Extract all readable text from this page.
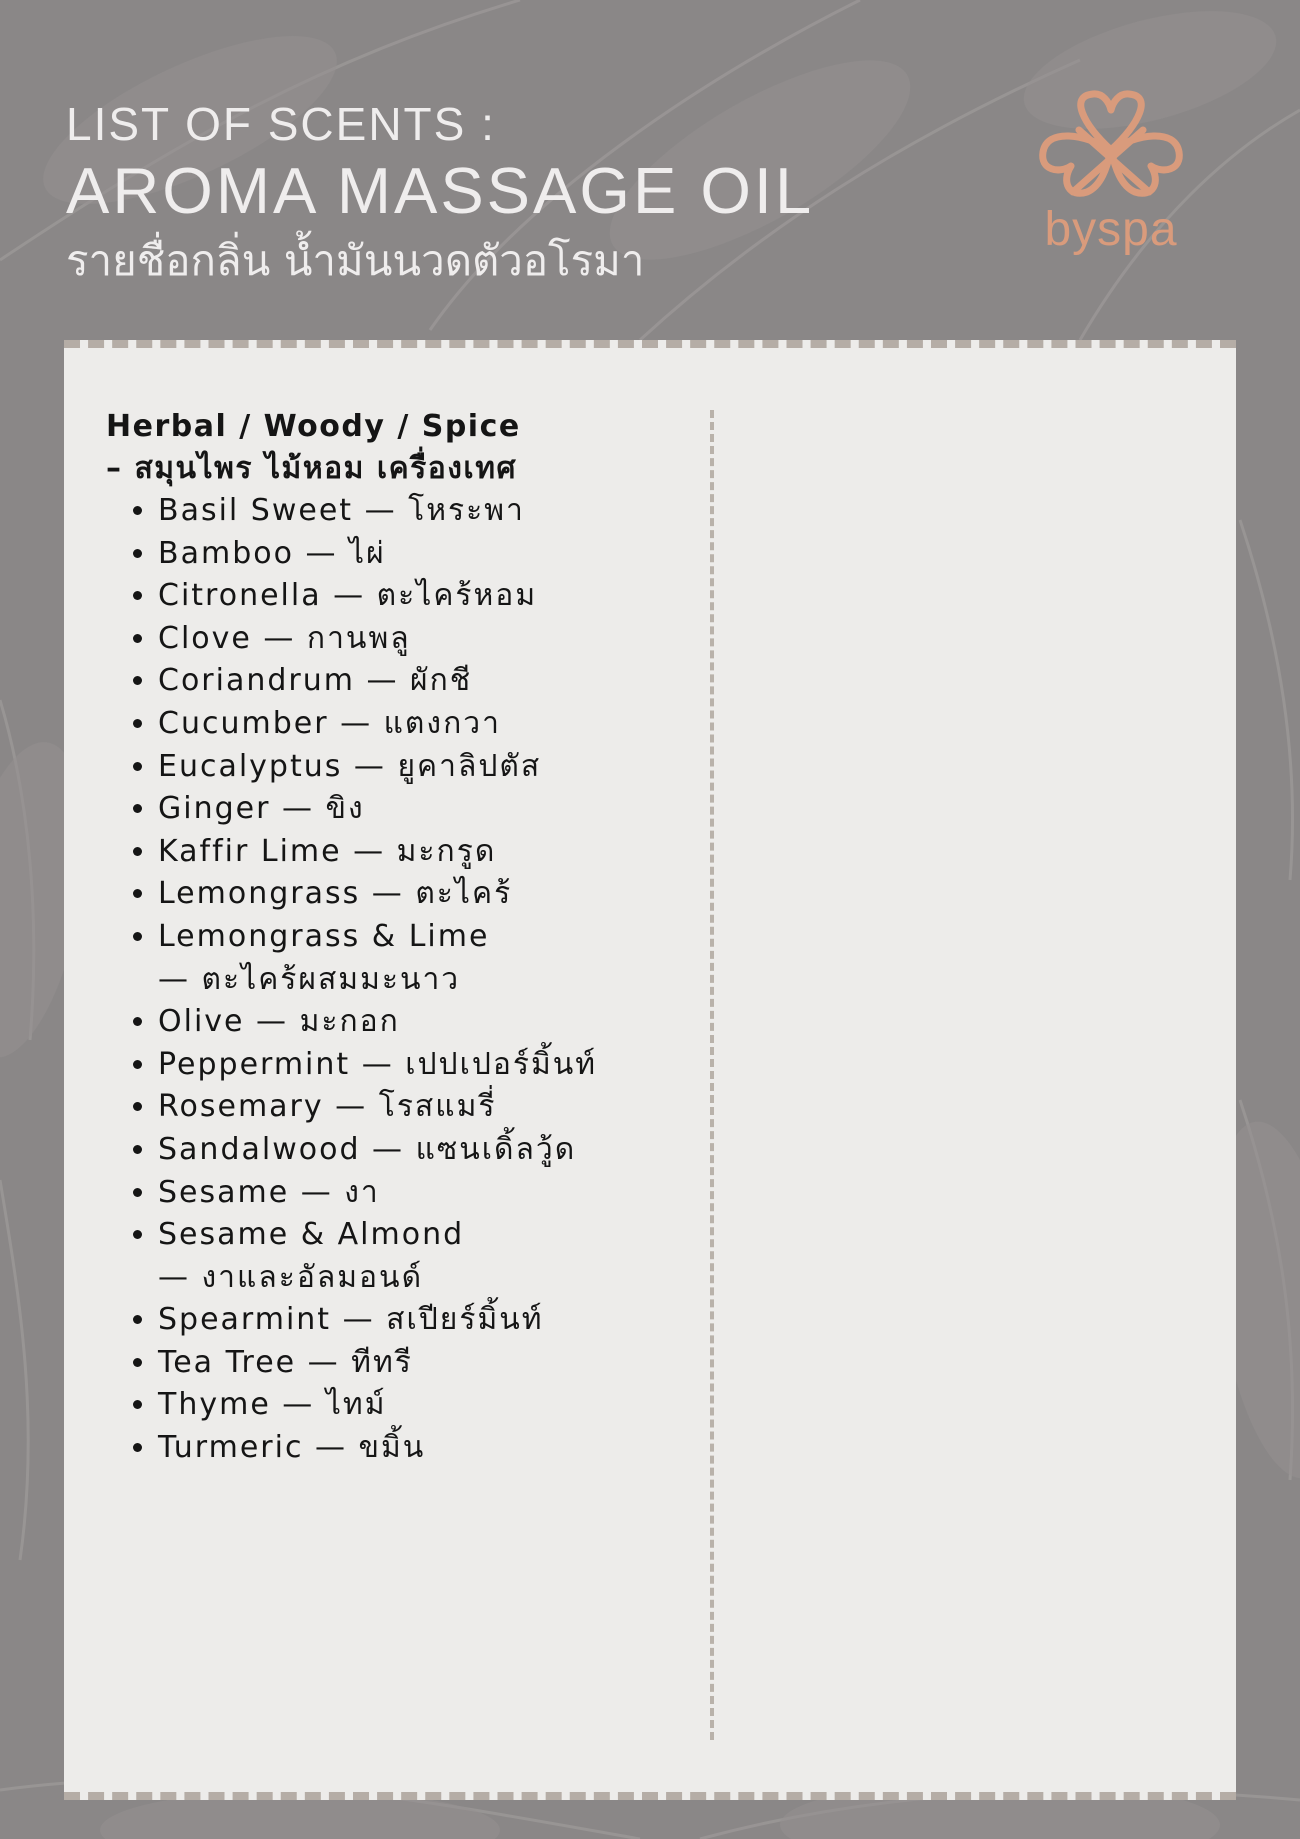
LIST OF SCENTS :
AROMA MASSAGE OIL
รายชื่อกลิ่น น้ำมันนวดตัวอโรมา
byspa
Herbal / Woody / Spice
– สมุนไพร ไม้หอม เครื่องเทศ
• Basil Sweet — โหระพา
• Bamboo — ไผ่
• Citronella — ตะไคร้หอม
• Clove — กานพลู
• Coriandrum — ผักชี
• Cucumber — แตงกวา
• Eucalyptus — ยูคาลิปตัส
• Ginger — ขิง
• Kaffir Lime — มะกรูด
• Lemongrass — ตะไคร้
• Lemongrass & Lime
— ตะไคร้ผสมมะนาว
• Olive — มะกอก
• Peppermint — เปปเปอร์มิ้นท์
• Rosemary — โรสแมรี่
• Sandalwood — แซนเดิ้ลวู้ด
• Sesame — งา
• Sesame & Almond
— งาและอัลมอนด์
• Spearmint — สเปียร์มิ้นท์
• Tea Tree — ทีทรี
• Thyme — ไทม์
• Turmeric — ขมิ้น
